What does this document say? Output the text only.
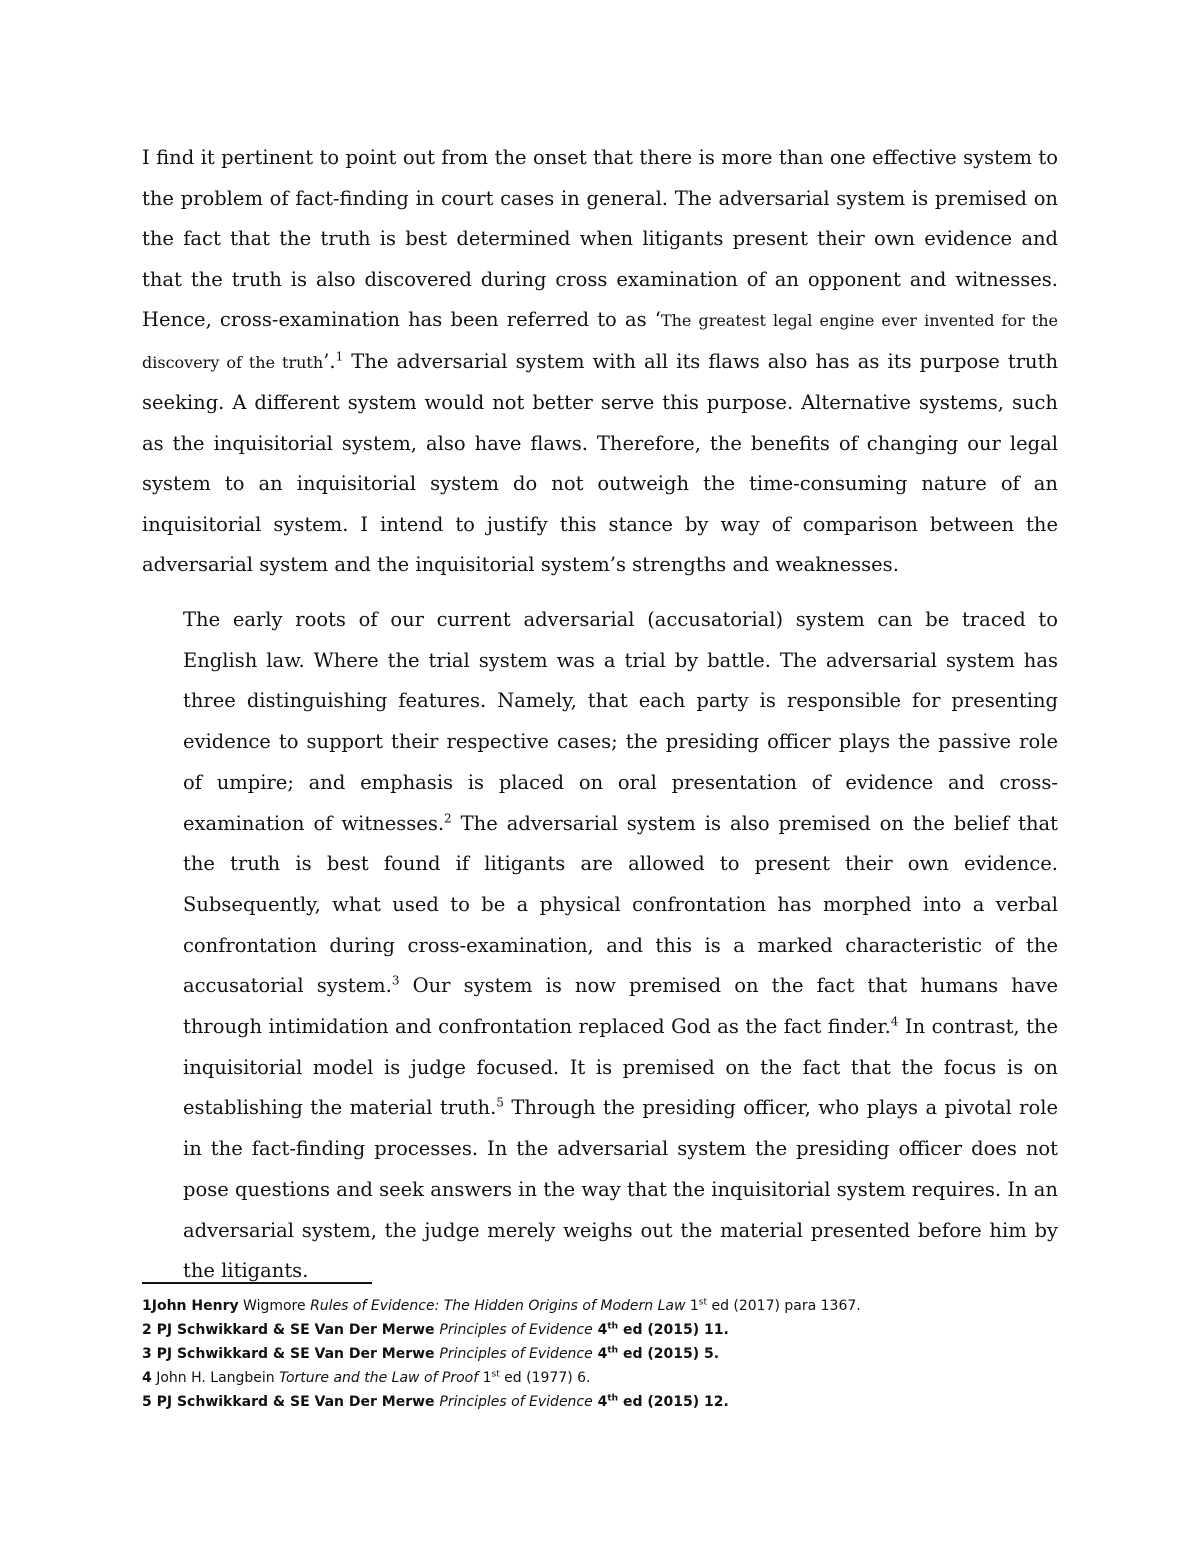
I find it pertinent to point out from the onset that there is more than one effective system to the problem of fact-finding in court cases in general. The adversarial system is premised on the fact that the truth is best determined when litigants present their own evidence and that the truth is also discovered during cross examination of an opponent and witnesses. Hence, cross-examination has been referred to as ‘The greatest legal engine ever invented for the discovery of the truth’.$^1$ The adversarial system with all its flaws also has as its purpose truth seeking. A different system would not better serve this purpose. Alternative systems, such as the inquisitorial system, also have flaws. Therefore, the benefits of changing our legal system to an inquisitorial system do not outweigh the time-consuming nature of an inquisitorial system. I intend to justify this stance by way of comparison between the adversarial system and the inquisitorial system’s strengths and weaknesses.

The early roots of our current adversarial (accusatorial) system can be traced to English law. Where the trial system was a trial by battle. The adversarial system has three distinguishing features. Namely, that each party is responsible for presenting evidence to support their respective cases; the presiding officer plays the passive role of umpire; and emphasis is placed on oral presentation of evidence and cross-examination of witnesses.$^2$ The adversarial system is also premised on the belief that the truth is best found if litigants are allowed to present their own evidence. Subsequently, what used to be a physical confrontation has morphed into a verbal confrontation during cross-examination, and this is a marked characteristic of the accusatorial system.$^3$ Our system is now premised on the fact that humans have through intimidation and confrontation replaced God as the fact finder.$^4$ In contrast, the inquisitorial model is judge focused. It is premised on the fact that the focus is on establishing the material truth.$^5$ Through the presiding officer, who plays a pivotal role in the fact-finding processes. In the adversarial system the presiding officer does not pose questions and seek answers in the way that the inquisitorial system requires. In an adversarial system, the judge merely weighs out the material presented before him by the litigants.

1John Henry Wigmore Rules of Evidence: The Hidden Origins of Modern Law 1st ed (2017) para 1367.

2 PJ Schwikkard & SE Van Der Merwe Principles of Evidence 4th ed (2015) 11.

3 PJ Schwikkard & SE Van Der Merwe Principles of Evidence 4th ed (2015) 5.

4 John H. Langbein Torture and the Law of Proof 1st ed (1977) 6.

5 PJ Schwikkard & SE Van Der Merwe Principles of Evidence 4th ed (2015) 12.
